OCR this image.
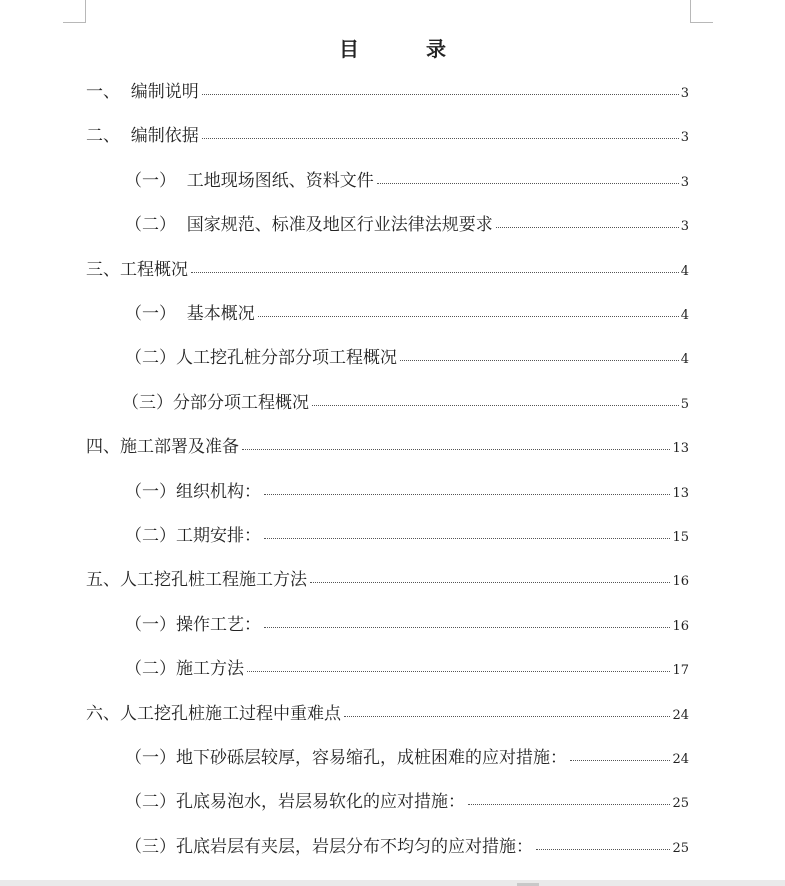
目 录
一、  编制说明	3
二、  编制依据	3
（一）  工地现场图纸、资料文件	3
（二）  国家规范、标准及地区行业法律法规要求	3
三、工程概况	4
（一）  基本概况	4
（二）人工挖孔桩分部分项工程概况	4
（三）分部分项工程概况	5
四、施工部署及准备	13
（一）组织机构：	13
（二）工期安排：	15
五、人工挖孔桩工程施工方法	16
（一）操作工艺：	16
（二）施工方法	17
六、人工挖孔桩施工过程中重难点	24
（一）地下砂砾层较厚，容易缩孔，成桩困难的应对措施：	24
（二）孔底易泡水，岩层易软化的应对措施：	25
（三）孔底岩层有夹层，岩层分布不均匀的应对措施：	25
